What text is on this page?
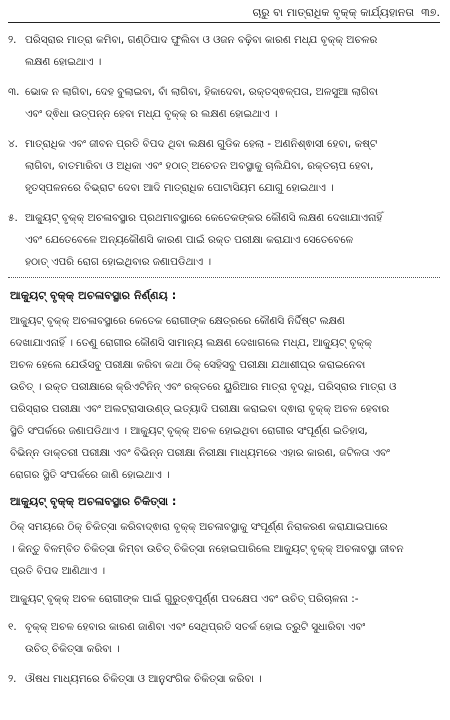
ଚାରୁ ବା ମାତ୍ରାଧିକ ବୃକ୍‌କ୍ କାର୍ଯ୍ୟହାନତା ୩୭.
୨. ପରିସ୍ରାର ମାତ୍ରା କମିବା, ଗଣ୍ଠିପାଦ ଫୁଲିବା ଓ ଓଜନ ବଢ଼ିବା କାରଣ ମଧ୍ଯ ବୃକ୍‌କ୍ ଅଚଳର

ଲକ୍ଷଣ ହୋଇଥାଏ ।

୩. ଭୋକ ନ ଲାଗିବା, ଦେହ ବୁଲାଇବା, ବାଁ ଲାଗିବା, ହିକାଦେବା, ରକ୍ତସ୍ଵଳ୍ପତା, ଅଳସୁଆ ଲାଗିବା

ଏବଂ ଦ୍ଵିଧା ଉତ୍ପନ୍ନ ହେବା ମଧ୍ଯ ବୃକ୍‌କ୍ ର ଲକ୍ଷଣ ହୋଇଥାଏ ।

୪. ମାତ୍ରାଧିକ ଏବଂ ଜୀବନ ପ୍ରତି ବିପଦ ଥିବା ଲକ୍ଷଣ ଗୁଡିକ ହେଲା - ଅଣନିଶ୍ଵାସୀ ହେବା, କଷ୍ଟ

ଲାଗିବା, ବାତମାରିବା ଓ ଅଧିକା ଏବଂ ହଠାତ୍ ଅଚେତନ ଅବସ୍ଥାକୁ ଚାଲିଯିବା, ରକ୍ତଚାପ ହେବା,

ହୃତସ୍ପଳନରେ ବିଭ୍ରାଟ ଦେବା ଆଦି ମାତ୍ରାଧିକ ପୋଟାସିୟମ ଯୋଗୁ ହୋଇଥାଏ ।

୫. ଆକ୍ୟୁଟ୍ ବୃକ୍‌କ୍ ଅଚଳାବସ୍ଥାର ପ୍ରଥମାବସ୍ଥାରେ କେତେକଙ୍କର କୌଣସି ଲକ୍ଷଣ ଦେଖାଯାଏନାହିଁ

ଏବଂ ଯେତେବେଳେ ଅନ୍ୟକୌଣସି କାରଣ ପାଇଁ ରକ୍ତ ପରୀକ୍ଷା କରାଯାଏ ସେତେବେଳେ

ହଠାତ୍ ଏପରି ରୋଗ ହୋଇଥିବାର ଜଣାପଡିଥାଏ ।

ଆକ୍ୟୁଟ୍ ବୃକ୍‌କ୍ ଅଚଳାବସ୍ଥାର ନିର୍ଣ୍ଣୟ :

ଆକ୍ୟୁଟ୍ ବୃକ୍‌କ୍ ଅଚଳାବସ୍ଥାରେ କେତେକ ରୋଗୀଙ୍କ କ୍ଷେତ୍ରରେ କୌଣସି ନିର୍ଦ୍ଦିଷ୍ଟ ଲକ୍ଷଣ

ଦେଖାଯାଏନାହିଁ । ତେଣୁ ରୋଗୀର କୌଣସି ସାମାନ୍ୟ ଲକ୍ଷଣ ଦେଖାଗଲେ ମଧ୍ଯ, ଆକ୍ୟୁଟ୍ ବୃକ୍‌କ୍

ଅଚଳ ହେଲେ ଯେଉଁସବୁ ପରୀକ୍ଷା କରିବା କଥା ଠିକ୍ ସେହିସବୁ ପରୀକ୍ଷା ଯଥାଶୀଘ୍ର କରାଇନେବା

ଉଚିତ୍ । ରକ୍ତ ପରୀକ୍ଷାରେ କ୍ରିଏଟିନିନ୍ ଏବଂ ରକ୍ତରେ ୟୁରିଆର ମାତ୍ରା ବୃଦ୍ଧି, ପରିସ୍ରାର ମାତ୍ରା ଓ

ପରିସ୍ରାର ପରୀକ୍ଷା ଏବଂ ଅଲଟ୍ରାସାଉଣ୍ଡ୍ ଇତ୍ୟାଦି ପରୀକ୍ଷା କରାଇବା ଦ୍ଵାରା ବୃକ୍‌କ୍ ଅଚଳ ହେବାର

ସ୍ଥିତି ସଂପର୍କରେ ଜଣାପଡିଥାଏ । ଆକ୍ୟୁଟ୍ ବୃକ୍‌କ୍ ଅଚଳ ହୋଇଥିବା ରୋଗୀର ସଂପୂର୍ଣ୍ଣ ଇତିହାସ,

ବିଭିନ୍ନ ଡାକ୍ତରୀ ପରୀକ୍ଷା ଏବଂ ବିଭିନ୍ନ ପରୀକ୍ଷା ନିରୀକ୍ଷା ମାଧ୍ୟମରେ ଏହାର କାରଣ, ଜଟିଳତା ଏବଂ

ରୋଗର ସ୍ଥିତି ସଂପର୍କରେ ଜାଣି ହୋଇଥାଏ ।

ଆକ୍ୟୁଟ୍ ବୃକ୍‌କ୍ ଅଚଳାବସ୍ଥାର ଚିକିତ୍ସା :

ଠିକ୍ ସମୟରେ ଠିକ୍ ଚିକିତ୍ସା କରିବାଦ୍ଵାରା ବୃକ୍‌କ୍ ଅଚଳାବସ୍ଥାକୁ ସଂପୂର୍ଣ୍ଣ ନିରାକରଣ କରାଯାଇପାରେ

। କିନ୍ତୁ ବିଳମ୍ବିତ ଚିକିତ୍ସା କିମ୍ବା ଉଚିତ୍ ଚିକିତ୍ସା ନହୋଇପାରିଲେ ଆକ୍ୟୁଟ୍ ବୃକ୍‌କ୍ ଅଚଳାବସ୍ଥା ଜୀବନ

ପ୍ରତି ବିପଦ ଆଣିଥାଏ ।

ଆକ୍ୟୁଟ୍ ବୃକ୍‌କ୍ ଅଚଳ ରୋଗୀଙ୍କ ପାଇଁ ଗୁରୁତ୍ଵପୂର୍ଣ୍ଣ ପଦକ୍ଷେପ ଏବଂ ଉଚିତ୍ ପରିଚାଳନା :-

୧. ବୃକ୍‌କ୍ ଅଚଳ ହେବାର କାରଣ ଜାଣିବା ଏବଂ ସେଥିପ୍ରତି ସତର୍କ ହୋଇ ତ୍ରୁଟି ସୁଧାରିବା ଏବଂ

ଉଚିତ୍ ଚିକିତ୍ସା କରିବା ।

୨. ଔଷଧ ମାଧ୍ୟମରେ ଚିକିତ୍ସା ଓ ଆନୁସଂଗିକ ଚିକିତ୍ସା କରିବା ।
